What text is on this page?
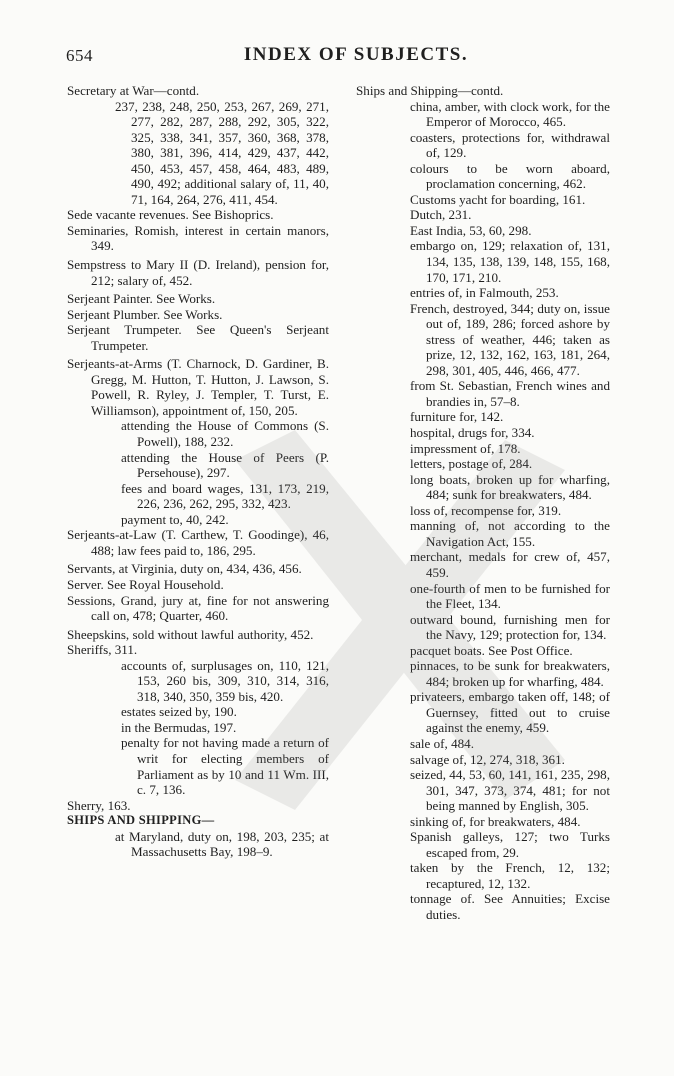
654	INDEX OF SUBJECTS.

Secretary at War—contd.

237, 238, 248, 250, 253, 267, 269, 271, 277, 282, 287, 288, 292, 305, 322, 325, 338, 341, 357, 360, 368, 378, 380, 381, 396, 414, 429, 437, 442, 450, 453, 457, 458, 464, 483, 489, 490, 492; additional salary of, 11, 40, 71, 164, 264, 276, 411, 454.

Sede vacante revenues. See Bishoprics.

Seminaries, Romish, interest in certain manors, 349.

Sempstress to Mary II (D. Ireland), pension for, 212; salary of, 452.

Serjeant Painter. See Works.

Serjeant Plumber. See Works.

Serjeant Trumpeter. See Queen's Serjeant Trumpeter.

Serjeants-at-Arms (T. Charnock, D. Gardiner, B. Gregg, M. Hutton, T. Hutton, J. Lawson, S. Powell, R. Ryley, J. Templer, T. Turst, E. Williamson), appointment of, 150, 205.

attending the House of Commons (S. Powell), 188, 232.

attending the House of Peers (P. Persehouse), 297.

fees and board wages, 131, 173, 219, 226, 236, 262, 295, 332, 423.

payment to, 40, 242.

Serjeants-at-Law (T. Carthew, T. Goodinge), 46, 488; law fees paid to, 186, 295.

Servants, at Virginia, duty on, 434, 436, 456.

Server. See Royal Household.

Sessions, Grand, jury at, fine for not answering call on, 478; Quarter, 460.

Sheepskins, sold without lawful authority, 452.

Sheriffs, 311.

accounts of, surplusages on, 110, 121, 153, 260 bis, 309, 310, 314, 316, 318, 340, 350, 359 bis, 420.

estates seized by, 190.

in the Bermudas, 197.

penalty for not having made a return of writ for electing members of Parliament as by 10 and 11 Wm. III, c. 7, 136.

Sherry, 163.

SHIPS AND SHIPPING—

at Maryland, duty on, 198, 203, 235; at Massachusetts Bay, 198–9.

Ships and Shipping—contd.

china, amber, with clock work, for the Emperor of Morocco, 465.

coasters, protections for, withdrawal of, 129.

colours to be worn aboard, proclamation concerning, 462.

Customs yacht for boarding, 161.

Dutch, 231.

East India, 53, 60, 298.

embargo on, 129; relaxation of, 131, 134, 135, 138, 139, 148, 155, 168, 170, 171, 210.

entries of, in Falmouth, 253.

French, destroyed, 344; duty on, issue out of, 189, 286; forced ashore by stress of weather, 446; taken as prize, 12, 132, 162, 163, 181, 264, 298, 301, 405, 446, 466, 477.

from St. Sebastian, French wines and brandies in, 57–8.

furniture for, 142.

hospital, drugs for, 334.

impressment of, 178.

letters, postage of, 284.

long boats, broken up for wharfing, 484; sunk for breakwaters, 484.

loss of, recompense for, 319.

manning of, not according to the Navigation Act, 155.

merchant, medals for crew of, 457, 459.

one-fourth of men to be furnished for the Fleet, 134.

outward bound, furnishing men for the Navy, 129; protection for, 134.

pacquet boats. See Post Office.

pinnaces, to be sunk for breakwaters, 484; broken up for wharfing, 484.

privateers, embargo taken off, 148; of Guernsey, fitted out to cruise against the enemy, 459.

sale of, 484.

salvage of, 12, 274, 318, 361.

seized, 44, 53, 60, 141, 161, 235, 298, 301, 347, 373, 374, 481; for not being manned by English, 305.

sinking of, for breakwaters, 484.

Spanish galleys, 127; two Turks escaped from, 29.

taken by the French, 12, 132; recaptured, 12, 132.

tonnage of. See Annuities; Excise duties.
